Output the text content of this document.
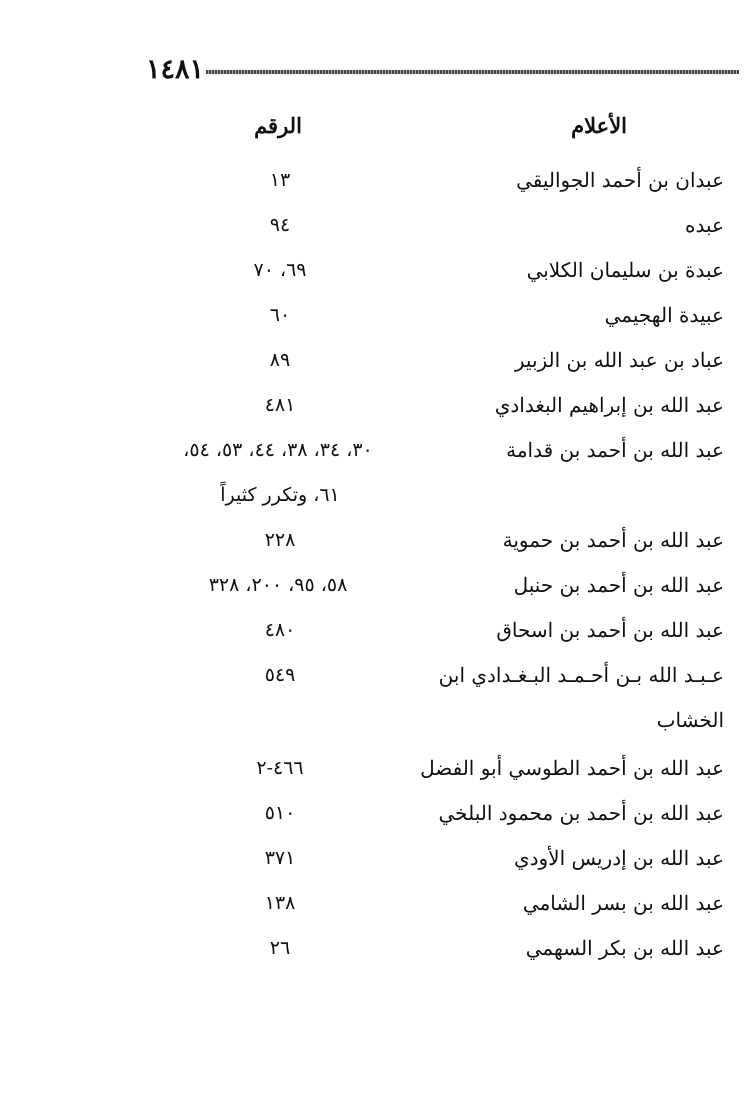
١٤٨١
الأعلام
الرقم
عبدان بن أحمد الجواليقي
١٣
عبده
٩٤
عبدة بن سليمان الكلابي
٦٩، ٧٠
عبيدة الهجيمي
٦٠
عباد بن عبد الله بن الزبير
٨٩
عبد الله بن إبراهيم البغدادي
٤٨١
عبد الله بن أحمد بن قدامة
٣٠، ٣٤، ٣٨، ٤٤، ٥٣، ٥٤،
٦١، وتكرر كثيراً
عبد الله بن أحمد بن حموية
٢٢٨
عبد الله بن أحمد بن حنبل
٥٨، ٩٥، ٢٠٠، ٣٢٨
عبد الله بن أحمد بن اسحاق
٤٨٠
عـبـد الله بـن أحـمـد البـغـدادي ابن
٥٤٩
الخشاب
عبد الله بن أحمد الطوسي أبو الفضل
٤٦٦-٢
عبد الله بن أحمد بن محمود البلخي
٥١٠
عبد الله بن إدريس الأودي
٣٧١
عبد الله بن بسر الشامي
١٣٨
عبد الله بن بكر السهمي
٢٦
